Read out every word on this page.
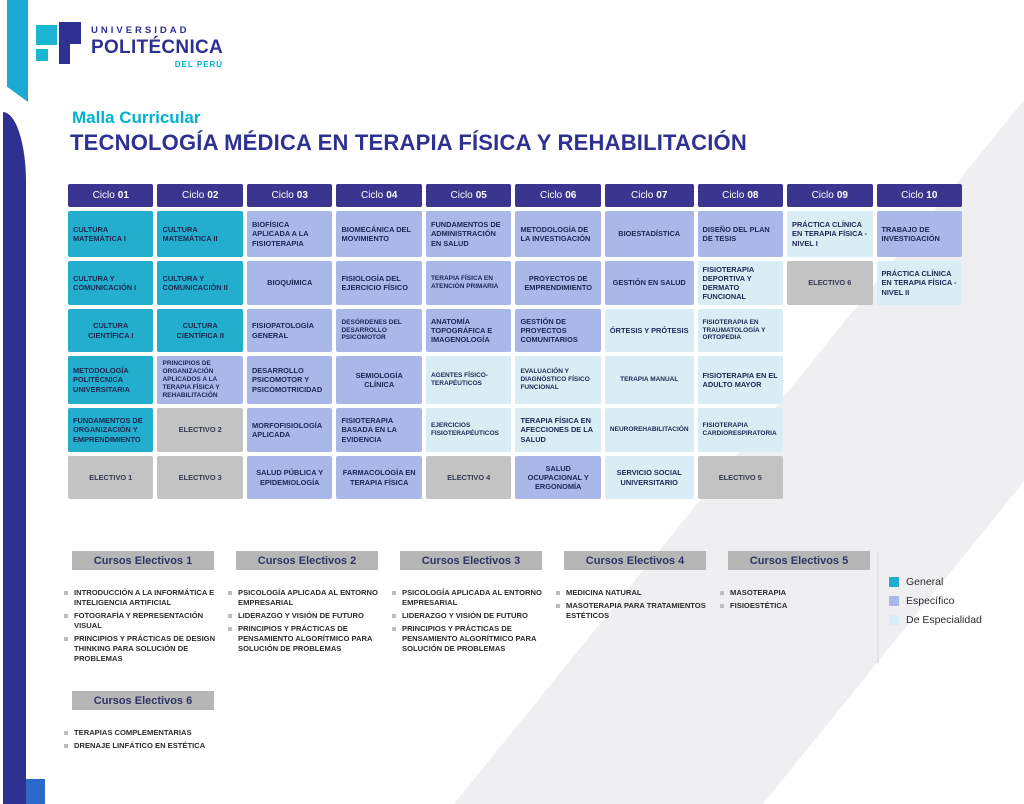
UNIVERSIDAD
POLITÉCNICA
DEL PERÚ
Malla Curricular
TECNOLOGÍA MÉDICA EN TERAPIA FÍSICA Y REHABILITACIÓN
Ciclo 01	Ciclo 02	Ciclo 03	Ciclo 04	Ciclo 05	Ciclo 06	Ciclo 07	Ciclo 08	Ciclo 09	Ciclo 10
CULTURA MATEMÁTICA I
CULTURA MATEMÁTICA II
BIOFÍSICA APLICADA A LA FISIOTERAPIA
BIOMECÁNICA DEL MOVIMIENTO
FUNDAMENTOS DE ADMINISTRACIÓN EN SALUD
METODOLOGÍA DE LA INVESTIGACIÓN
BIOESTADÍSTICA
DISEÑO DEL PLAN DE TESIS
PRÁCTICA CLÍNICA EN TERAPIA FÍSICA - NIVEL I
TRABAJO DE INVESTIGACIÓN
CULTURA Y COMUNICACIÓN I
CULTURA Y COMUNICACIÓN II
BIOQUÍMICA
FISIOLOGÍA DEL EJERCICIO FÍSICO
TERAPIA FÍSICA EN ATENCIÓN PRIMARIA
PROYECTOS DE EMPRENDIMIENTO
GESTIÓN EN SALUD
FISIOTERAPIA DEPORTIVA Y DERMATO FUNCIONAL
ELECTIVO 6
PRÁCTICA CLÍNICA EN TERAPIA FÍSICA - NIVEL II
CULTURA CIENTÍFICA I
CULTURA CIENTÍFICA II
FISIOPATOLOGÍA GENERAL
DESÓRDENES DEL DESARROLLO PSICOMOTOR
ANATOMÍA TOPOGRÁFICA E IMAGENOLOGÍA
GESTIÓN DE PROYECTOS COMUNITARIOS
ÓRTESIS Y PRÓTESIS
FISIOTERAPIA EN TRAUMATOLOGÍA Y ORTOPEDIA
METODOLOGÍA POLITÉCNICA UNIVERSITARIA
PRINCIPIOS DE ORGANIZACIÓN APLICADOS A LA TERAPIA FÍSICA Y REHABILITACIÓN
DESARROLLO PSICOMOTOR Y PSICOMOTRICIDAD
SEMIOLOGÍA CLÍNICA
AGENTES FÍSICO-TERAPÉUTICOS
EVALUACIÓN Y DIAGNÓSTICO FÍSICO FUNCIONAL
TERAPIA MANUAL	FISIOTERAPIA EN EL ADULTO MAYOR
FUNDAMENTOS DE ORGANIZACIÓN Y EMPRENDIMIENTO
ELECTIVO 2
MORFOFISIOLOGÍA APLICADA
FISIOTERAPIA BASADA EN LA EVIDENCIA
EJERCICIOS FISIOTERAPÉUTICOS
TERAPIA FÍSICA EN AFECCIONES DE LA SALUD
NEUROREHABILITACIÓN
FISIOTERAPIA CARDIORESPIRATORIA
ELECTIVO 1	ELECTIVO 3
SALUD PÚBLICA Y EPIDEMIOLOGÍA
FARMACOLOGÍA EN TERAPIA FÍSICA
ELECTIVO 4
SALUD OCUPACIONAL Y ERGONOMÍA
SERVICIO SOCIAL UNIVERSITARIO
ELECTIVO 5
Cursos Electivos 1
INTRODUCCIÓN A LA INFORMÁTICA E INTELIGENCIA ARTIFICIAL
FOTOGRAFÍA Y REPRESENTACIÓN VISUAL
PRINCIPIOS Y PRÁCTICAS DE DESIGN THINKING PARA SOLUCIÓN DE PROBLEMAS
Cursos Electivos 2
PSICOLOGÍA APLICADA AL ENTORNO EMPRESARIAL
LIDERAZGO Y VISIÓN DE FUTURO
PRINCIPIOS Y PRÁCTICAS DE PENSAMIENTO ALGORÍTMICO PARA SOLUCIÓN DE PROBLEMAS
Cursos Electivos 3
PSICOLOGÍA APLICADA AL ENTORNO EMPRESARIAL
LIDERAZGO Y VISIÓN DE FUTURO
PRINCIPIOS Y PRÁCTICAS DE PENSAMIENTO ALGORÍTMICO PARA SOLUCIÓN DE PROBLEMAS
Cursos Electivos 4
MEDICINA NATURAL
MASOTERAPIA PARA TRATAMIENTOS ESTÉTICOS
Cursos Electivos 5
MASOTERAPIA
FISIOESTÉTICA
Cursos Electivos 6
TERAPIAS COMPLEMENTARIAS
DRENAJE LINFÁTICO EN ESTÉTICA
General
Específico
De Especialidad
